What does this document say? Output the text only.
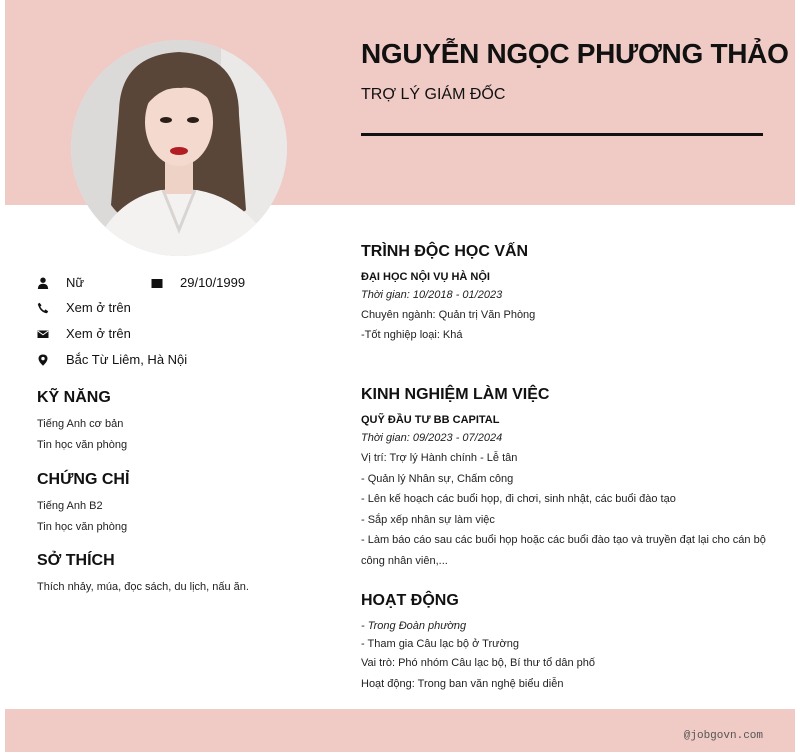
NGUYỄN NGỌC PHƯƠNG THẢO
TRỢ LÝ GIÁM ĐỐC
Nữ	29/10/1999
Xem ở trên
Xem ở trên
Bắc Từ Liêm, Hà Nội
KỸ NĂNG
Tiếng Anh cơ bản
Tin học văn phòng
CHỨNG CHỈ
Tiếng Anh B2
Tin học văn phòng
SỞ THÍCH
Thích nhảy, múa, đọc sách, du lịch, nấu ăn.
TRÌNH ĐỘC HỌC VẤN
ĐẠI HỌC NỘI VỤ HÀ NỘI
Thời gian: 10/2018 - 01/2023
Chuyên ngành: Quản trị Văn Phòng
-Tốt nghiệp loại: Khá
KINH NGHIỆM LÀM VIỆC
QUỸ ĐẦU TƯ BB CAPITAL
Thời gian: 09/2023 - 07/2024
Vị trí: Trợ lý Hành chính - Lễ tân
- Quản lý Nhân sự, Chấm công
- Lên kế hoạch các buổi họp, đi chơi, sinh nhật, các buổi đào tạo
- Sắp xếp nhân sự làm việc
- Làm báo cáo sau các buổi họp hoặc các buổi đào tạo và truyền đạt lại cho cán bộ công nhân viên,...
HOẠT ĐỘNG
- Trong Đoàn phường
- Tham gia Câu lạc bộ ở Trường
Vai trò: Phó nhóm Câu lạc bộ, Bí thư tổ dân phố
Hoạt động: Trong ban văn nghệ biểu diễn
@jobgovn.com
